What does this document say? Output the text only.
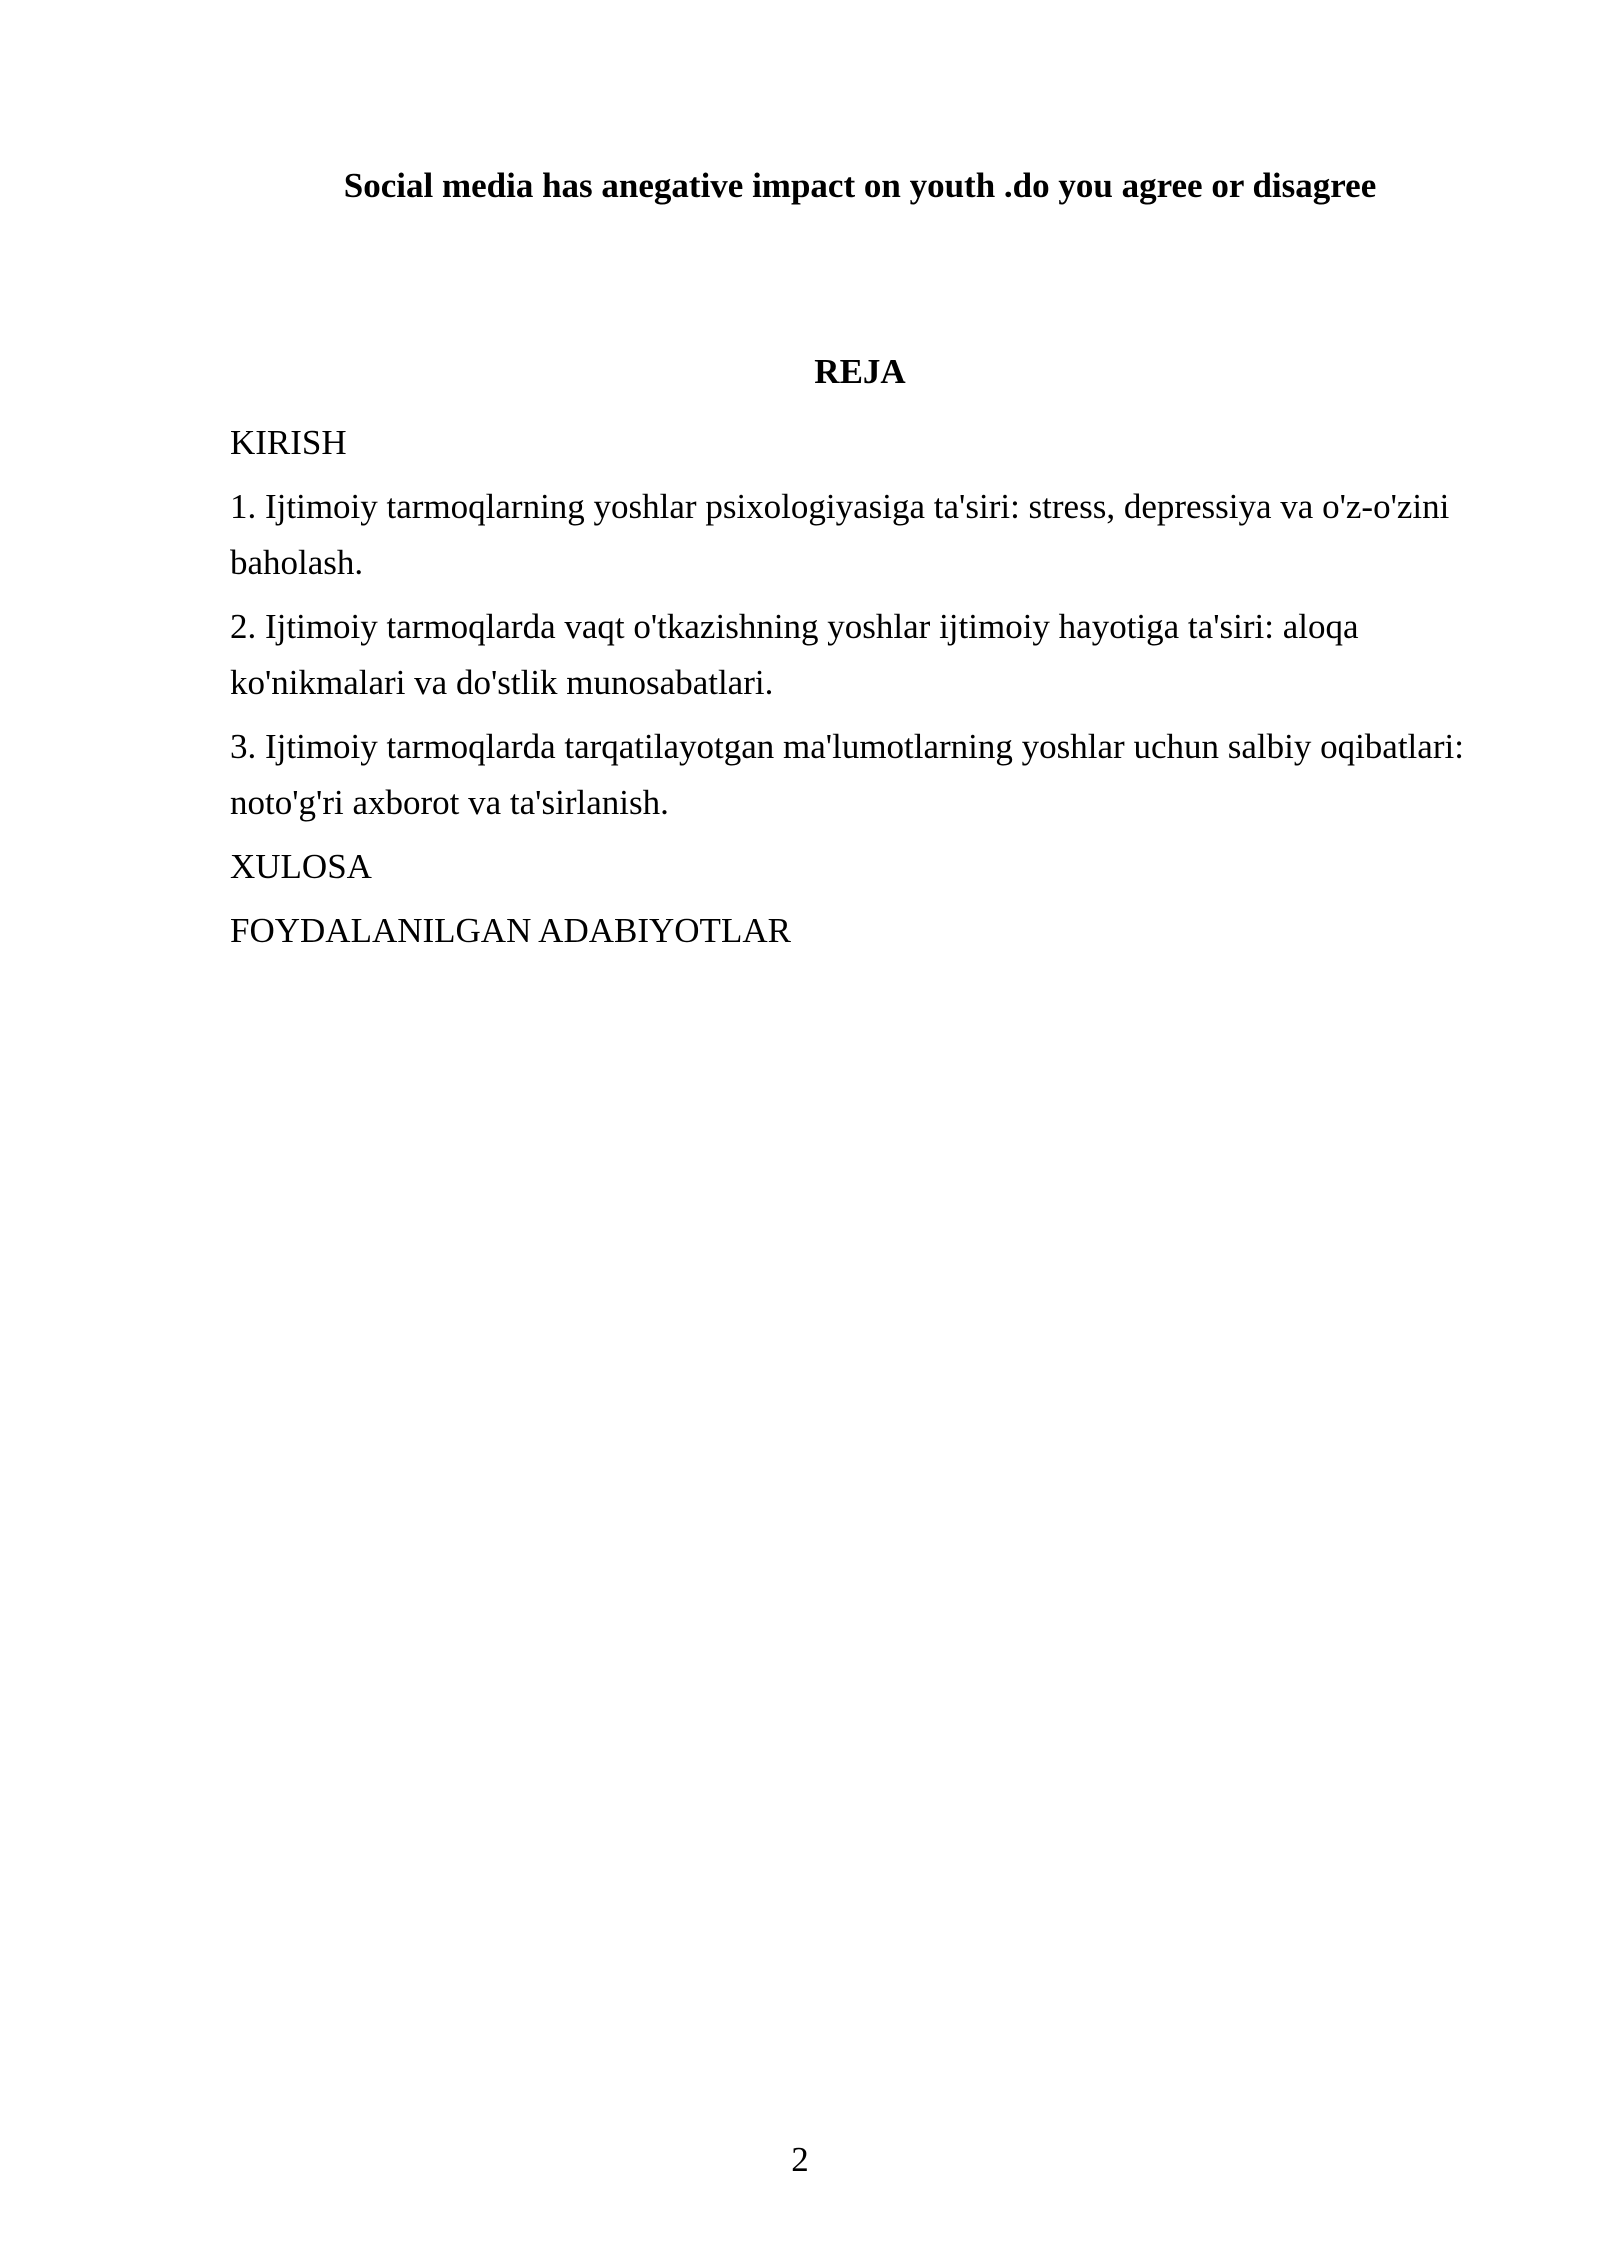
Social media has anegative impact on youth .do you agree or disagree
REJA

KIRISH

1. Ijtimoiy tarmoqlarning yoshlar psixologiyasiga ta'siri: stress, depressiya va o'z-o'zini baholash.

2. Ijtimoiy tarmoqlarda vaqt o'tkazishning yoshlar ijtimoiy hayotiga ta'siri: aloqa ko'nikmalari va do'stlik munosabatlari.

3. Ijtimoiy tarmoqlarda tarqatilayotgan ma'lumotlarning yoshlar uchun salbiy oqibatlari: noto'g'ri axborot va ta'sirlanish.

XULOSA

FOYDALANILGAN ADABIYOTLAR

2
